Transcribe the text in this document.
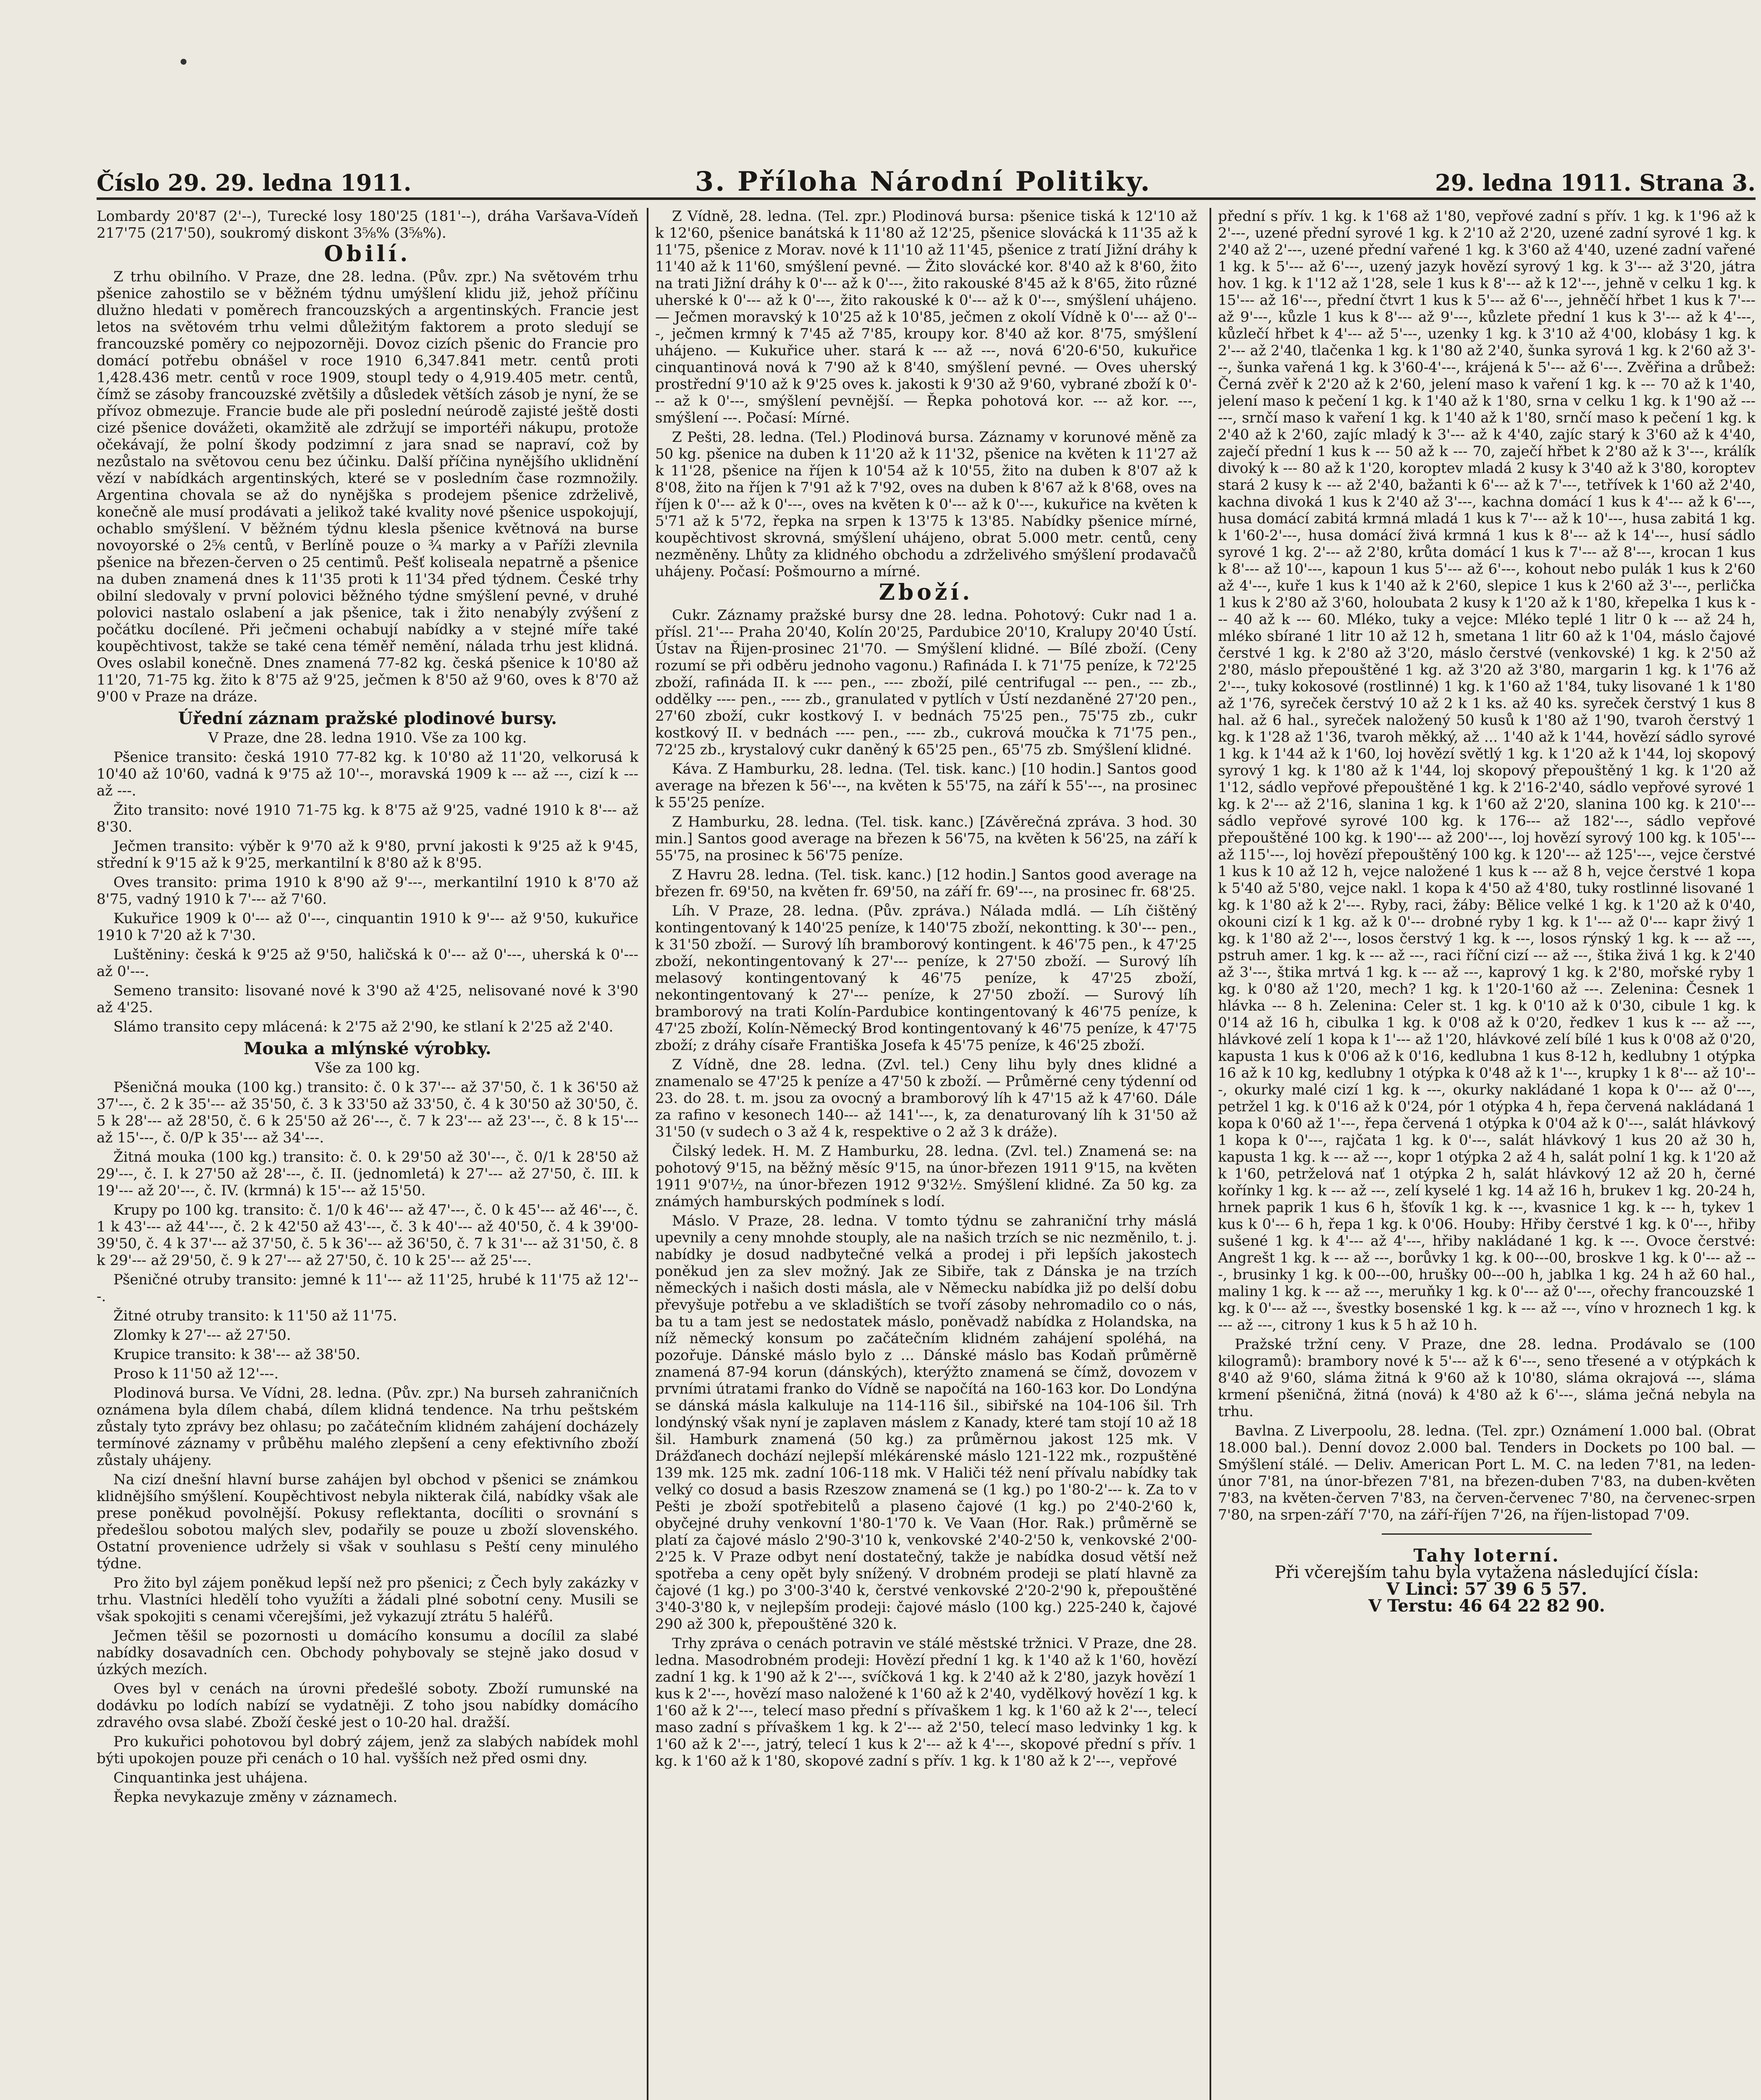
Číslo 29. 29. ledna 1911.	3. Příloha Národní Politiky.	29. ledna 1911. Strana 3.

Lombardy 20'87 (2'--), Turecké losy 180'25 (181'--), dráha Varšava-Vídeň 217'75 (217'50), soukromý diskont 3⅝% (3⅝%).

Obilí.

Z trhu obilního. V Praze, dne 28. ledna. (Pův. zpr.) Na světovém trhu pšenice zahostilo se v běžném týdnu umýšlení klidu již, jehož příčinu dlužno hledati v poměrech francouzských a argentinských. Francie jest letos na světovém trhu velmi důležitým faktorem a proto sledují se francouzské poměry co nejpozorněji. Dovoz cizích pšenic do Francie pro domácí potřebu obnášel v roce 1910 6,347.841 metr. centů proti 1,428.436 metr. centů v roce 1909, stoupl tedy o 4,919.405 metr. centů, čímž se zásoby francouzské zvětšily a důsledek větších zásob je nyní, že se přívoz obmezuje. Francie bude ale při poslední neúrodě zajisté ještě dosti cizé pšenice dovážeti, okamžitě ale zdržují se importéři nákupu, protože očekávají, že polní škody podzimní z jara snad se napraví, což by nezůstalo na světovou cenu bez účinku. Další příčina nynějšího uklidnění vězí v nabídkách argentinských, které se v posledním čase rozmnožily. Argentina chovala se až do nynějška s prodejem pšenice zdrželivě, konečně ale musí prodávati a jelikož také kvality nové pšenice uspokojují, ochablo smýšlení. V běžném týdnu klesla pšenice květnová na burse novoyorské o 2⅝ centů, v Berlíně pouze o ¾ marky a v Paříži zlevnila pšenice na březen-červen o 25 centimů. Pešť koliseala nepatrně a pšenice na duben znamená dnes k 11'35 proti k 11'34 před týdnem. České trhy obilní sledovaly v první polovici běžného týdne smýšlení pevné, v druhé polovici nastalo oslabení a jak pšenice, tak i žito nenabýly zvýšení z počátku docílené. Při ječmeni ochabují nabídky a v stejné míře také koupěchtivost, takže se také cena téměř nemění, nálada trhu jest klidná. Oves oslabil konečně. Dnes znamená 77-82 kg. česká pšenice k 10'80 až 11'20, 71-75 kg. žito k 8'75 až 9'25, ječmen k 8'50 až 9'60, oves k 8'70 až 9'00 v Praze na dráze.

Úřední záznam pražské plodinové bursy.

V Praze, dne 28. ledna 1910. Vše za 100 kg.

Pšenice transito: česká 1910 77-82 kg. k 10'80 až 11'20, velkorusá k 10'40 až 10'60, vadná k 9'75 až 10'--, moravská 1909 k --- až ---, cizí k --- až ---.

Žito transito: nové 1910 71-75 kg. k 8'75 až 9'25, vadné 1910 k 8'--- až 8'30.

Ječmen transito: výběr k 9'70 až k 9'80, první jakosti k 9'25 až k 9'45, střední k 9'15 až k 9'25, merkantilní k 8'80 až k 8'95.

Oves transito: prima 1910 k 8'90 až 9'---, merkantilní 1910 k 8'70 až 8'75, vadný 1910 k 7'--- až 7'60.

Kukuřice 1909 k 0'--- až 0'---, cinquantin 1910 k 9'--- až 9'50, kukuřice 1910 k 7'20 až k 7'30.

Luštěniny: česká k 9'25 až 9'50, haličská k 0'--- až 0'---, uherská k 0'--- až 0'---.

Semeno transito: lisované nové k 3'90 až 4'25, nelisované nové k 3'90 až 4'25.

Slámo transito cepy mlácená: k 2'75 až 2'90, ke stlaní k 2'25 až 2'40.

Mouka a mlýnské výrobky.

Vše za 100 kg.

Pšeničná mouka (100 kg.) transito: č. 0 k 37'--- až 37'50, č. 1 k 36'50 až 37'---, č. 2 k 35'--- až 35'50, č. 3 k 33'50 až 33'50, č. 4 k 30'50 až 30'50, č. 5 k 28'--- až 28'50, č. 6 k 25'50 až 26'---, č. 7 k 23'--- až 23'---, č. 8 k 15'--- až 15'---, č. 0/P k 35'--- až 34'---.

Žitná mouka (100 kg.) transito: č. 0. k 29'50 až 30'---, č. 0/1 k 28'50 až 29'---, č. I. k 27'50 až 28'---, č. II. (jednomletá) k 27'--- až 27'50, č. III. k 19'--- až 20'---, č. IV. (krmná) k 15'--- až 15'50.

Krupy po 100 kg. transito: č. 1/0 k 46'--- až 47'---, č. 0 k 45'--- až 46'---, č. 1 k 43'--- až 44'---, č. 2 k 42'50 až 43'---, č. 3 k 40'--- až 40'50, č. 4 k 39'00-39'50, č. 4 k 37'--- až 37'50, č. 5 k 36'--- až 36'50, č. 7 k 31'--- až 31'50, č. 8 k 29'--- až 29'50, č. 9 k 27'--- až 27'50, č. 10 k 25'--- až 25'---.

Pšeničné otruby transito: jemné k 11'--- až 11'25, hrubé k 11'75 až 12'---.

Žitné otruby transito: k 11'50 až 11'75.

Zlomky k 27'--- až 27'50.

Krupice transito: k 38'--- až 38'50.

Proso k 11'50 až 12'---.

Plodinová bursa. Ve Vídni, 28. ledna. (Pův. zpr.) Na burseh zahraničních oznámena byla dílem chabá, dílem klidná tendence. Na trhu peštském zůstaly tyto zprávy bez ohlasu; po začátečním klidném zahájení docházely termínové záznamy v průběhu malého zlepšení a ceny efektivního zboží zůstaly uhájeny.

Na cizí dnešní hlavní burse zahájen byl obchod v pšenici se známkou klidnějšího smýšlení. Koupěchtivost nebyla nikterak čilá, nabídky však ale prese poněkud povolnější. Pokusy reflektanta, docíliti o srovnání s předešlou sobotou malých slev, podařily se pouze u zboží slovenského. Ostatní provenience udržely si však v souhlasu s Peští ceny minulého týdne.

Pro žito byl zájem poněkud lepší než pro pšenici; z Čech byly zakázky v trhu. Vlastníci hledělí toho využíti a žádali plné sobotní ceny. Musili se však spokojiti s cenami včerejšími, jež vykazují ztrátu 5 haléřů.

Ječmen těšil se pozornosti u domácího konsumu a docílil za slabé nabídky dosavadních cen. Obchody pohybovaly se stejně jako dosud v úzkých mezích.

Oves byl v cenách na úrovni předešlé soboty. Zboží rumunské na dodávku po lodích nabízí se vydatněji. Z toho jsou nabídky domácího zdravého ovsa slabé. Zboží české jest o 10-20 hal. dražší.

Pro kukuřici pohotovou byl dobrý zájem, jenž za slabých nabídek mohl býti upokojen pouze při cenách o 10 hal. vyšších než před osmi dny.

Cinquantinka jest uhájena.

Řepka nevykazuje změny v záznamech.

Z Vídně, 28. ledna. (Tel. zpr.) Plodinová bursa: pšenice tiská k 12'10 až k 12'60, pšenice banátská k 11'80 až 12'25, pšenice slovácká k 11'35 až k 11'75, pšenice z Morav. nové k 11'10 až 11'45, pšenice z tratí Jižní dráhy k 11'40 až k 11'60, smýšlení pevné. — Žito slovácké kor. 8'40 až k 8'60, žito na trati Jižní dráhy k 0'--- až k 0'---, žito rakouské 8'45 až k 8'65, žito různé uherské k 0'--- až k 0'---, žito rakouské k 0'--- až k 0'---, smýšlení uhájeno. — Ječmen moravský k 10'25 až k 10'85, ječmen z okolí Vídně k 0'--- až 0'---, ječmen krmný k 7'45 až 7'85, kroupy kor. 8'40 až kor. 8'75, smýšlení uhájeno. — Kukuřice uher. stará k --- až ---, nová 6'20-6'50, kukuřice cinquantinová nová k 7'90 až k 8'40, smýšlení pevné. — Oves uherský prostřední 9'10 až k 9'25 oves k. jakosti k 9'30 až 9'60, vybrané zboží k 0'--- až k 0'---, smýšlení pevnější. — Řepka pohotová kor. --- až kor. ---, smýšlení ---. Počasí: Mírné.

Z Pešti, 28. ledna. (Tel.) Plodinová bursa. Záznamy v korunové měně za 50 kg. pšenice na duben k 11'20 až k 11'32, pšenice na květen k 11'27 až k 11'28, pšenice na říjen k 10'54 až k 10'55, žito na duben k 8'07 až k 8'08, žito na říjen k 7'91 až k 7'92, oves na duben k 8'67 až k 8'68, oves na říjen k 0'--- až k 0'---, oves na květen k 0'--- až k 0'---, kukuřice na květen k 5'71 až k 5'72, řepka na srpen k 13'75 k 13'85. Nabídky pšenice mírné, koupěchtivost skrovná, smýšlení uhájeno, obrat 5.000 metr. centů, ceny nezměněny. Lhůty za klidného obchodu a zdrželivého smýšlení prodavačů uhájeny. Počasí: Pošmourno a mírné.

Zboží.

Cukr. Záznamy pražské bursy dne 28. ledna. Pohotový: Cukr nad 1 a. přísl. 21'--- Praha 20'40, Kolín 20'25, Pardubice 20'10, Kralupy 20'40 Ústí. Ústav na Řijen-prosinec 21'70. — Smýšlení klidné. — Bílé zboží. (Ceny rozumí se při odběru jednoho vagonu.) Rafináda I. k 71'75 peníze, k 72'25 zboží, rafináda II. k ---- pen., ---- zboží, pilé centrifugal --- pen., --- zb., oddělky ---- pen., ---- zb., granulated v pytlích v Ústí nezdaněné 27'20 pen., 27'60 zboží, cukr kostkový I. v bednách 75'25 pen., 75'75 zb., cukr kostkový II. v bednách ---- pen., ---- zb., cukrová moučka k 71'75 pen., 72'25 zb., krystalový cukr daněný k 65'25 pen., 65'75 zb. Smýšlení klidné.

Káva. Z Hamburku, 28. ledna. (Tel. tisk. kanc.) [10 hodin.] Santos good average na březen k 56'---, na květen k 55'75, na září k 55'---, na prosinec k 55'25 peníze.

Z Hamburku, 28. ledna. (Tel. tisk. kanc.) [Závěrečná zpráva. 3 hod. 30 min.] Santos good average na březen k 56'75, na květen k 56'25, na září k 55'75, na prosinec k 56'75 peníze.

Z Havru 28. ledna. (Tel. tisk. kanc.) [12 hodin.] Santos good average na březen fr. 69'50, na květen fr. 69'50, na září fr. 69'---, na prosinec fr. 68'25.

Líh. V Praze, 28. ledna. (Pův. zpráva.) Nálada mdlá. — Líh čištěný kontingentovaný k 140'25 peníze, k 140'75 zboží, nekontting. k 30'--- pen., k 31'50 zboží. — Surový líh bramborový kontingent. k 46'75 pen., k 47'25 zboží, nekontingentovaný k 27'--- peníze, k 27'50 zboží. — Surový líh melasový kontingentovaný k 46'75 peníze, k 47'25 zboží, nekontingentovaný k 27'--- peníze, k 27'50 zboží. — Surový líh bramborový na trati Kolín-Pardubice kontingentovaný k 46'75 peníze, k 47'25 zboží, Kolín-Německý Brod kontingentovaný k 46'75 peníze, k 47'75 zboží; z dráhy císaře Františka Josefa k 45'75 peníze, k 46'25 zboží.

Z Vídně, dne 28. ledna. (Zvl. tel.) Ceny lihu byly dnes klidné a znamenalo se 47'25 k peníze a 47'50 k zboží. — Průměrné ceny týdenní od 23. do 28. t. m. jsou za ovocný a bramborový líh k 47'15 až k 47'60. Dále za rafino v kesonech 140--- až 141'---, k, za denaturovaný líh k 31'50 až 31'50 (v sudech o 3 až 4 k, respektive o 2 až 3 k dráže).

Čilský ledek. H. M. Z Hamburku, 28. ledna. (Zvl. tel.) Znamená se: na pohotový 9'15, na běžný měsíc 9'15, na únor-březen 1911 9'15, na květen 1911 9'07½, na únor-březen 1912 9'32½. Smýšlení klidné. Za 50 kg. za známých hamburských podmínek s lodí.

Máslo. V Praze, 28. ledna. V tomto týdnu se zahraniční trhy máslá upevnily a ceny mnohde stouply, ale na našich trzích se nic nezměnilo, t. j. nabídky je dosud nadbytečné velká a prodej i při lepších jakostech poněkud jen za slev možný. Jak ze Sibiře, tak z Dánska je na trzích německých i našich dosti másla, ale v Německu nabídka již po delší dobu převyšuje potřebu a ve skladištích se tvoří zásoby nehromadilo co o nás, ba tu a tam jest se nedostatek máslo, poněvadž nabídka z Holandska, na níž německý konsum po začátečním klidném zahájení spoléhá, na pozořuje. Dánské máslo bylo z ... Dánské máslo bas Kodaň průměrně znamená 87-94 korun (dánských), kterýžto znamená se čímž, dovozem v prvními útratami franko do Vídně se napočítá na 160-163 kor. Do Londýna se dánská másla kalkuluje na 114-116 šil., sibiřské na 104-106 šil. Trh londýnský však nyní je zaplaven máslem z Kanady, které tam stojí 10 až 18 šil. Hamburk znamená (50 kg.) za průměrnou jakost 125 mk. V Drážďanech dochází nejlepší mlékárenské máslo 121-122 mk., rozpuštěné 139 mk. 125 mk. zadní 106-118 mk. V Haliči též není přívalu nabídky tak velký co dosud a basis Rzeszow znamená se (1 kg.) po 1'80-2'--- k. Za to v Pešti je zboží spotřebitelů a plaseno čajové (1 kg.) po 2'40-2'60 k, obyčejné druhy venkovní 1'80-1'70 k. Ve Vaan (Hor. Rak.) průměrně se platí za čajové máslo 2'90-3'10 k, venkovské 2'40-2'50 k, venkovské 2'00-2'25 k. V Praze odbyt není dostatečný, takže je nabídka dosud větší než spotřeba a ceny opět byly snížený. V drobném prodeji se platí hlavně za čajové (1 kg.) po 3'00-3'40 k, čerstvé venkovské 2'20-2'90 k, přepouštěné 3'40-3'80 k, v nejlepším prodeji: čajové máslo (100 kg.) 225-240 k, čajové 290 až 300 k, přepouštěné 320 k.

Trhy zpráva o cenách potravin ve stálé městské tržnici. V Praze, dne 28. ledna. Masodrobném prodeji: Hovězí přední 1 kg. k 1'40 až k 1'60, hovězí zadní 1 kg. k 1'90 až k 2'---, svíčková 1 kg. k 2'40 až k 2'80, jazyk hovězí 1 kus k 2'---, hovězí maso naložené k 1'60 až k 2'40, vydělkový hovězí 1 kg. k 1'60 až k 2'---, telecí maso přední s přívaškem 1 kg. k 1'60 až k 2'---, telecí maso zadní s přívaškem 1 kg. k 2'--- až 2'50, telecí maso ledvinky 1 kg. k 1'60 až k 2'---, jatrý, telecí 1 kus k 2'--- až k 4'---, skopové přední s přív. 1 kg. k 1'60 až k 1'80, skopové zadní s přív. 1 kg. k 1'80 až k 2'---, vepřové

přední s přív. 1 kg. k 1'68 až 1'80, vepřové zadní s přív. 1 kg. k 1'96 až k 2'---, uzené přední syrové 1 kg. k 2'10 až 2'20, uzené zadní syrové 1 kg. k 2'40 až 2'---, uzené přední vařené 1 kg. k 3'60 až 4'40, uzené zadní vařené 1 kg. k 5'--- až 6'---, uzený jazyk hovězí syrový 1 kg. k 3'--- až 3'20, játra hov. 1 kg. k 1'12 až 1'28, sele 1 kus k 8'--- až k 12'---, jehně v celku 1 kg. k 15'--- až 16'---, přední čtvrt 1 kus k 5'--- až 6'---, jehněčí hřbet 1 kus k 7'--- až 9'---, kůzle 1 kus k 8'--- až 9'---, kůzlete přední 1 kus k 3'--- až k 4'---, kůzlečí hřbet k 4'--- až 5'---, uzenky 1 kg. k 3'10 až 4'00, klobásy 1 kg. k 2'--- až 2'40, tlačenka 1 kg. k 1'80 až 2'40, šunka syrová 1 kg. k 2'60 až 3'---, šunka vařená 1 kg. k 3'60-4'---, krájená k 5'--- až 6'---. Zvěřina a drůbež: Černá zvěř k 2'20 až k 2'60, jelení maso k vaření 1 kg. k --- 70 až k 1'40, jelení maso k pečení 1 kg. k 1'40 až k 1'80, srna v celku 1 kg. k 1'90 až --- ---, srnčí maso k vaření 1 kg. k 1'40 až k 1'80, srnčí maso k pečení 1 kg. k 2'40 až k 2'60, zajíc mladý k 3'--- až k 4'40, zajíc starý k 3'60 až k 4'40, zaječí přední 1 kus k --- 50 až k --- 70, zaječí hřbet k 2'80 až k 3'---, králík divoký k --- 80 až k 1'20, koroptev mladá 2 kusy k 3'40 až k 3'80, koroptev stará 2 kusy k --- až 2'40, bažanti k 6'--- až k 7'---, tetřívek k 1'60 až 2'40, kachna divoká 1 kus k 2'40 až 3'---, kachna domácí 1 kus k 4'--- až k 6'---, husa domácí zabitá krmná mladá 1 kus k 7'--- až k 10'---, husa zabitá 1 kg. k 1'60-2'---, husa domácí živá krmná 1 kus k 8'--- až k 14'---, husí sádlo syrové 1 kg. 2'--- až 2'80, krůta domácí 1 kus k 7'--- až 8'---, krocan 1 kus k 8'--- až 10'---, kapoun 1 kus 5'--- až 6'---, kohout nebo pulák 1 kus k 2'60 až 4'---, kuře 1 kus k 1'40 až k 2'60, slepice 1 kus k 2'60 až 3'---, perlička 1 kus k 2'80 až 3'60, holoubata 2 kusy k 1'20 až k 1'80, křepelka 1 kus k --- 40 až k --- 60. Mléko, tuky a vejce: Mléko teplé 1 litr 0 k --- až 24 h, mléko sbírané 1 litr 10 až 12 h, smetana 1 litr 60 až k 1'04, máslo čajové čerstvé 1 kg. k 2'80 až 3'20, máslo čerstvé (venkovské) 1 kg. k 2'50 až 2'80, máslo přepouštěné 1 kg. až 3'20 až 3'80, margarin 1 kg. k 1'76 až 2'---, tuky kokosové (rostlinné) 1 kg. k 1'60 až 1'84, tuky lisované 1 k 1'80 až 1'76, syreček čerstvý 10 až 2 k 1 ks. až 40 ks. syreček čerstvý 1 kus 8 hal. až 6 hal., syreček naložený 50 kusů k 1'80 až 1'90, tvaroh čerstvý 1 kg. k 1'28 až 1'36, tvaroh měkký, až ... 1'40 až k 1'44, hovězí sádlo syrové 1 kg. k 1'44 až k 1'60, loj hovězí světlý 1 kg. k 1'20 až k 1'44, loj skopový syrový 1 kg. k 1'80 až k 1'44, loj skopový přepouštěný 1 kg. k 1'20 až 1'12, sádlo vepřové přepouštěné 1 kg. k 2'16-2'40, sádlo vepřové syrové 1 kg. k 2'--- až 2'16, slanina 1 kg. k 1'60 až 2'20, slanina 100 kg. k 210'--- sádlo vepřové syrové 100 kg. k 176--- až 182'---, sádlo vepřové přepouštěné 100 kg. k 190'--- až 200'---, loj hovězí syrový 100 kg. k 105'--- až 115'---, loj hovězí přepouštěný 100 kg. k 120'--- až 125'---, vejce čerstvé 1 kus k 10 až 12 h, vejce naložené 1 kus k --- až 8 h, vejce čerstvé 1 kopa k 5'40 až 5'80, vejce nakl. 1 kopa k 4'50 až 4'80, tuky rostlinné lisované 1 kg. k 1'80 až k 2'---. Ryby, raci, žáby: Bělice velké 1 kg. k 1'20 až k 0'40, okouni cizí k 1 kg. až k 0'--- drobné ryby 1 kg. k 1'--- až 0'--- kapr živý 1 kg. k 1'80 až 2'---, losos čerstvý 1 kg. k ---, losos rýnský 1 kg. k --- až ---, pstruh amer. 1 kg. k --- až ---, raci říční cizí --- až ---, štika živá 1 kg. k 2'40 až 3'---, štika mrtvá 1 kg. k --- až ---, kaprový 1 kg. k 2'80, mořské ryby 1 kg. k 0'80 až 1'20, mech? 1 kg. k 1'20-1'60 až ---. Zelenina: Česnek 1 hlávka --- 8 h. Zelenina: Celer st. 1 kg. k 0'10 až k 0'30, cibule 1 kg. k 0'14 až 16 h, cibulka 1 kg. k 0'08 až k 0'20, ředkev 1 kus k --- až ---, hlávkové zelí 1 kopa k 1'--- až 1'20, hlávkové zelí bílé 1 kus k 0'08 až 0'20, kapusta 1 kus k 0'06 až k 0'16, kedlubna 1 kus 8-12 h, kedlubny 1 otýpka 16 až k 10 kg, kedlubny 1 otýpka k 0'48 až k 1'---, krupky 1 k 8'--- až 10'---, okurky malé cizí 1 kg. k ---, okurky nakládané 1 kopa k 0'--- až 0'---, petržel 1 kg. k 0'16 až k 0'24, pór 1 otýpka 4 h, řepa červená nakládaná 1 kopa k 0'60 až 1'---, řepa červená 1 otýpka k 0'04 až k 0'---, salát hlávkový 1 kopa k 0'---, rajčata 1 kg. k 0'---, salát hlávkový 1 kus 20 až 30 h, kapusta 1 kg. k --- až ---, kopr 1 otýpka 2 až 4 h, salát polní 1 kg. k 1'20 až k 1'60, petrželová nať 1 otýpka 2 h, salát hlávkový 12 až 20 h, černé kořínky 1 kg. k --- až ---, zelí kyselé 1 kg. 14 až 16 h, brukev 1 kg. 20-24 h, hrnek paprik 1 kus 6 h, šťovík 1 kg. k ---, kvasnice 1 kg. k --- h, tykev 1 kus k 0'--- 6 h, řepa 1 kg. k 0'06. Houby: Hřiby čerstvé 1 kg. k 0'---, hřiby sušené 1 kg. k 4'--- až 4'---, hřiby nakládané 1 kg. k ---. Ovoce čerstvé: Angrešt 1 kg. k --- až ---, borůvky 1 kg. k 00---00, broskve 1 kg. k 0'--- až ---, brusinky 1 kg. k 00---00, hrušky 00---00 h, jablka 1 kg. 24 h až 60 hal., maliny 1 kg. k --- až ---, meruňky 1 kg. k 0'--- až 0'---, ořechy francouzské 1 kg. k 0'--- až ---, švestky bosenské 1 kg. k --- až ---, víno v hroznech 1 kg. k --- až ---, citrony 1 kus k 5 h až 10 h.

Pražské tržní ceny. V Praze, dne 28. ledna. Prodávalo se (100 kilogramů): brambory nové k 5'--- až k 6'---, seno třesené a v otýpkách k 8'40 až 9'60, sláma žitná k 9'60 až k 10'80, sláma okrajová ---, sláma krmení pšeničná, žitná (nová) k 4'80 až k 6'---, sláma ječná nebyla na trhu.

Bavlna. Z Liverpoolu, 28. ledna. (Tel. zpr.) Oznámení 1.000 bal. (Obrat 18.000 bal.). Denní dovoz 2.000 bal. Tenders in Dockets po 100 bal. — Smýšlení stálé. — Deliv. American Port L. M. C. na leden 7'81, na leden-únor 7'81, na únor-březen 7'81, na březen-duben 7'83, na duben-květen 7'83, na květen-červen 7'83, na červen-červenec 7'80, na červenec-srpen 7'80, na srpen-září 7'70, na září-říjen 7'26, na říjen-listopad 7'09.

Tahy loterní.
Při včerejším tahu byla vytažena následující čísla:
V Linci: 57 39 6 5 57.
V Terstu: 46 64 22 82 90.
